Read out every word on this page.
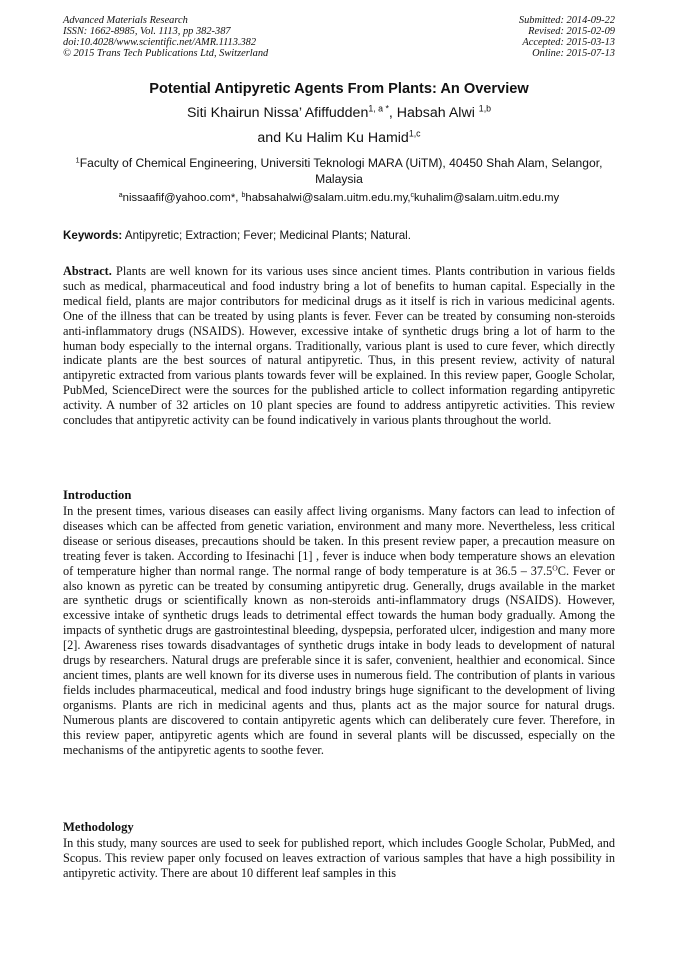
Advanced Materials Research
ISSN: 1662-8985, Vol. 1113, pp 382-387
doi:10.4028/www.scientific.net/AMR.1113.382
© 2015 Trans Tech Publications Ltd, Switzerland
Submitted: 2014-09-22
Revised: 2015-02-09
Accepted: 2015-03-13
Online: 2015-07-13
Potential Antipyretic Agents From Plants: An Overview
Siti Khairun Nissa’ Afiffudden$^{1, a *}$, Habsah Alwi $^{1,b}$
and Ku Halim Ku Hamid$^{1,c}$
$^1$Faculty of Chemical Engineering, Universiti Teknologi MARA (UiTM), 40450 Shah Alam, Selangor, Malaysia
$^a$nissaafif@yahoo.com*, $^b$habsahalwi@salam.uitm.edu.my,$^c$kuhalim@salam.uitm.edu.my
Keywords: Antipyretic; Extraction; Fever; Medicinal Plants; Natural.
Abstract. Plants are well known for its various uses since ancient times. Plants contribution in various fields such as medical, pharmaceutical and food industry bring a lot of benefits to human capital. Especially in the medical field, plants are major contributors for medicinal drugs as it itself is rich in various medicinal agents. One of the illness that can be treated by using plants is fever. Fever can be treated by consuming non-steroids anti-inflammatory drugs (NSAIDS). However, excessive intake of synthetic drugs bring a lot of harm to the human body especially to the internal organs. Traditionally, various plant is used to cure fever, which directly indicate plants are the best sources of natural antipyretic. Thus, in this present review, activity of natural antipyretic extracted from various plants towards fever will be explained. In this review paper, Google Scholar, PubMed, ScienceDirect were the sources for the published article to collect information regarding antipyretic activity. A number of 32 articles on 10 plant species are found to address antipyretic activities. This review concludes that antipyretic activity can be found indicatively in various plants throughout the world.
Introduction
In the present times, various diseases can easily affect living organisms. Many factors can lead to infection of diseases which can be affected from genetic variation, environment and many more. Nevertheless, less critical disease or serious diseases, precautions should be taken. In this present review paper, a precaution measure on treating fever is taken. According to Ifesinachi [1] , fever is induce when body temperature shows an elevation of temperature higher than normal range. The normal range of body temperature is at $36.5 - 37.5^OC$. Fever or also known as pyretic can be treated by consuming antipyretic drug. Generally, drugs available in the market are synthetic drugs or scientifically known as non-steroids anti-inflammatory drugs (NSAIDS). However, excessive intake of synthetic drugs leads to detrimental effect towards the human body gradually. Among the impacts of synthetic drugs are gastrointestinal bleeding, dyspepsia, perforated ulcer, indigestion and many more [2]. Awareness rises towards disadvantages of synthetic drugs intake in body leads to development of natural drugs by researchers. Natural drugs are preferable since it is safer, convenient, healthier and economical. Since ancient times, plants are well known for its diverse uses in numerous field. The contribution of plants in various fields includes pharmaceutical, medical and food industry brings huge significant to the development of living organisms. Plants are rich in medicinal agents and thus, plants act as the major source for natural drugs. Numerous plants are discovered to contain antipyretic agents which can deliberately cure fever. Therefore, in this review paper, antipyretic agents which are found in several plants will be discussed, especially on the mechanisms of the antipyretic agents to soothe fever.
Methodology
In this study, many sources are used to seek for published report, which includes Google Scholar, PubMed, and Scopus. This review paper only focused on leaves extraction of various samples that have a high possibility in antipyretic activity. There are about 10 different leaf samples in this
